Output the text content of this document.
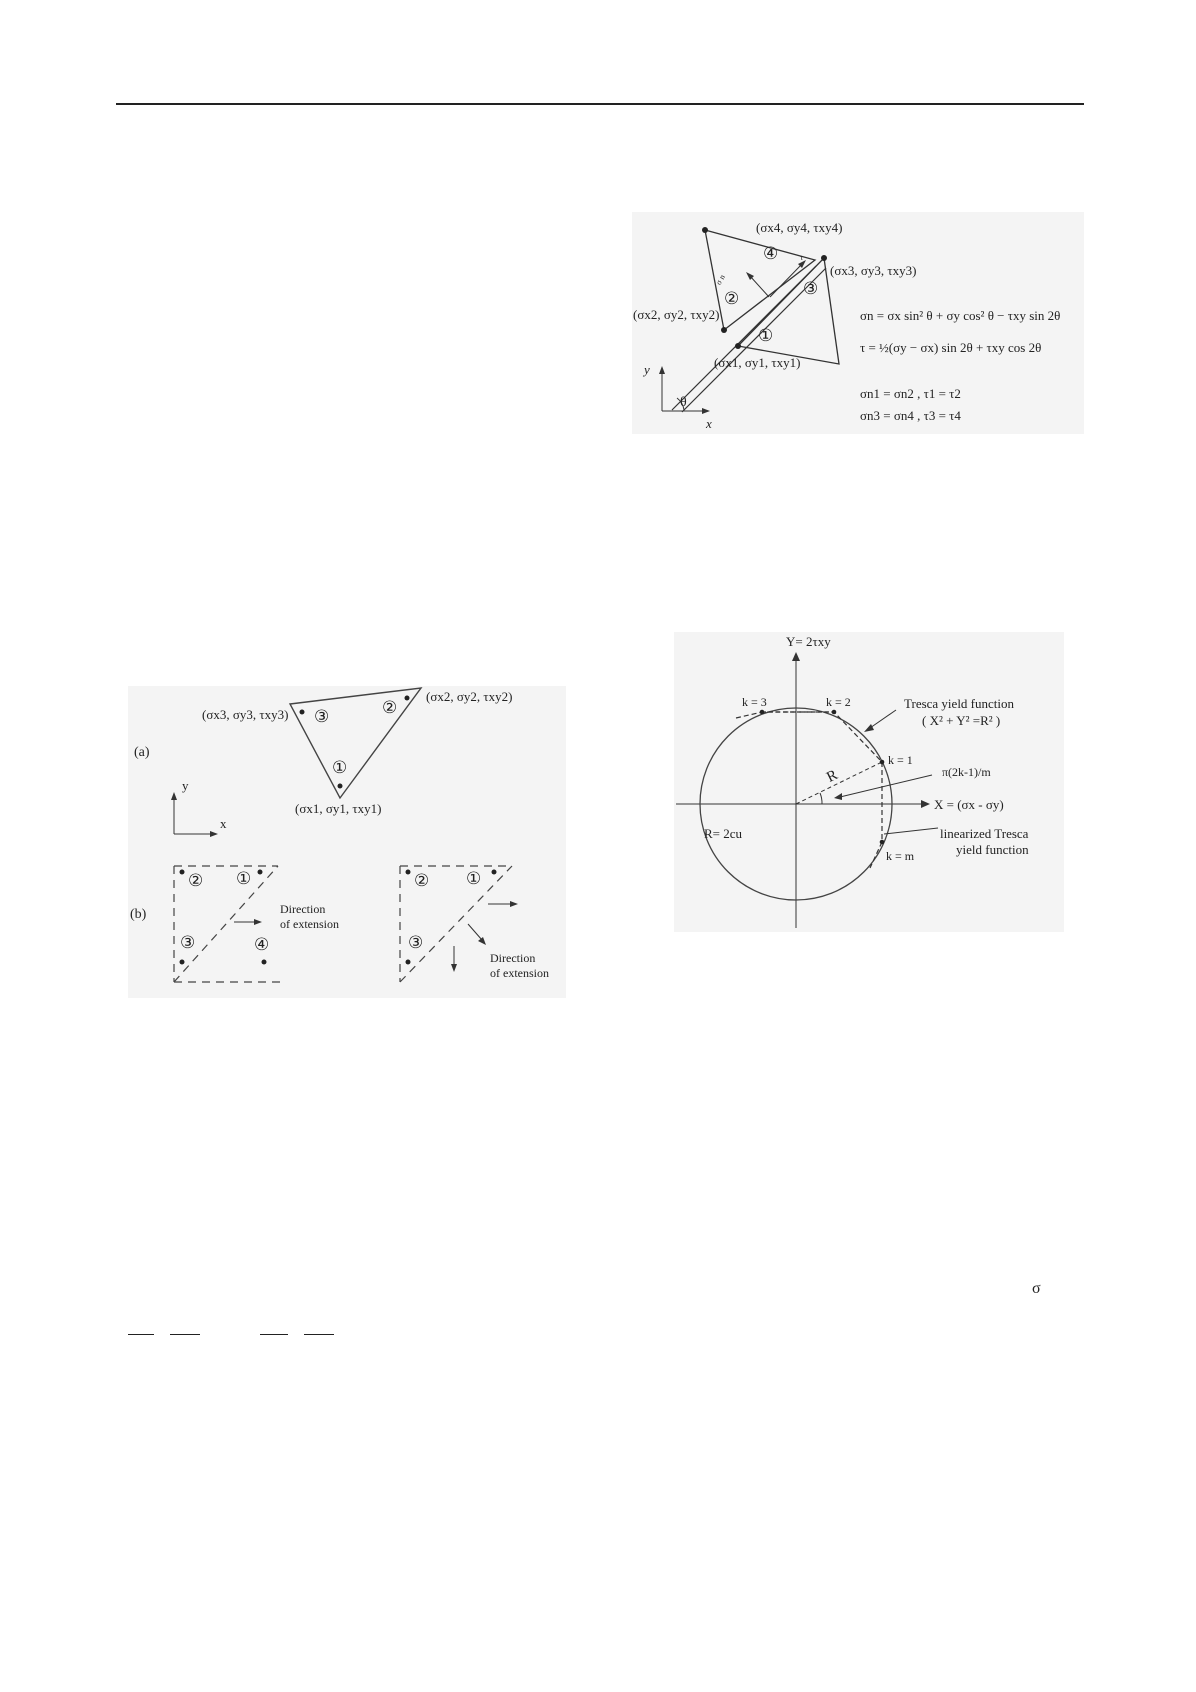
④
②
③
①
σ n
τ
(σx4, σy4, τxy4)
(σx3, σy3, τxy3)
(σx2, σy2, τxy2)
(σx1, σy1, τxy1)
y
x
θ
σn = σx sin² θ + σy cos² θ − τxy sin 2θ
τ = ½(σy − σx) sin 2θ + τxy cos 2θ
σn1 = σn2 , τ1 = τ2
σn3 = σn4 , τ3 = τ4
③	②
①
(σx3, σy3, τxy3)
(σx2, σy2, τxy2)
(σx1, σy1, τxy1)
(a)
y
x
② ①
③	④
Direction
of extension
(b)
② ①
③
Direction
of extension
Y= 2τxy
X = (σx - σy)
k = 3	k = 2
k = 1
k = m
Tresca yield function
( X² + Y² =R² )
π(2k-1)/m
R
R= 2cu	linearized Tresca
yield function
σ
